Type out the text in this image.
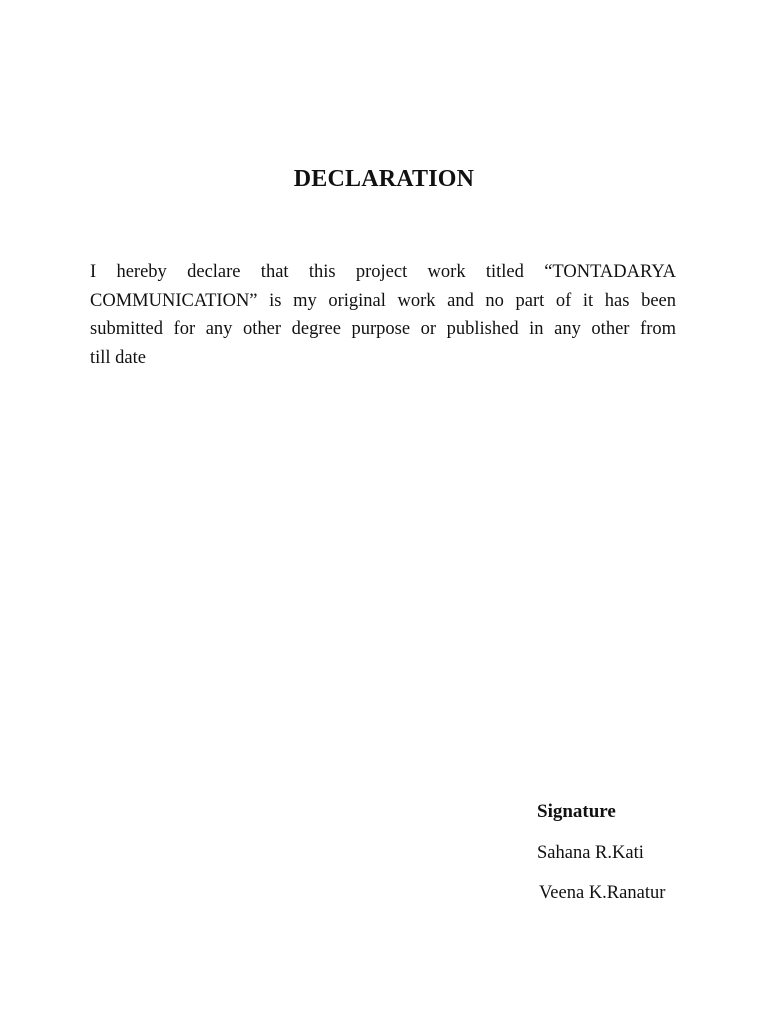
DECLARATION

I hereby declare that this project work titled “TONTADARYA
COMMUNICATION” is my original work and no part of it has been
submitted for any other degree purpose or published in any other from
till date

Signature

Sahana R.Kati

Veena K.Ranatur
